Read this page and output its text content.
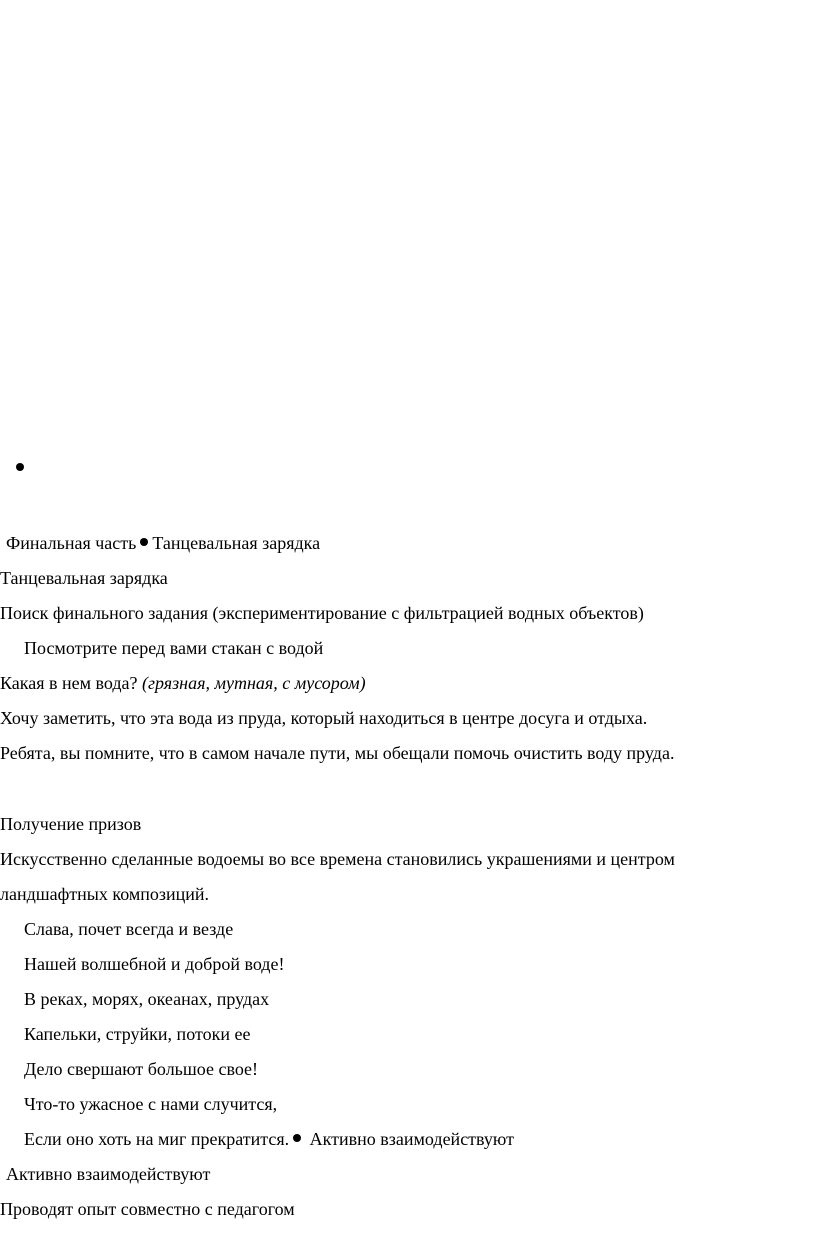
Финальная часть Танцевальная зарядка
Танцевальная зарядка
Поиск финального задания (экспериментирование с фильтрацией водных объектов)
Посмотрите перед вами стакан с водой
Какая в нем вода? (грязная, мутная, с мусором)
Хочу заметить, что эта вода из пруда, который находиться в центре досуга и отдыха.
Ребята, вы помните, что в самом начале пути, мы обещали помочь очистить воду пруда.
Получение призов
Искусственно сделанные водоемы во все времена становились украшениями и центром
ландшафтных композиций.
Слава, почет всегда и везде
Нашей волшебной и доброй воде!
В реках, морях, океанах, прудах
Капельки, струйки, потоки ее
Дело свершают большое свое!
Что-то ужасное с нами случится,
Если оно хоть на миг прекратится. Активно взаимодействуют
Активно взаимодействуют
Проводят опыт совместно с педагогом
